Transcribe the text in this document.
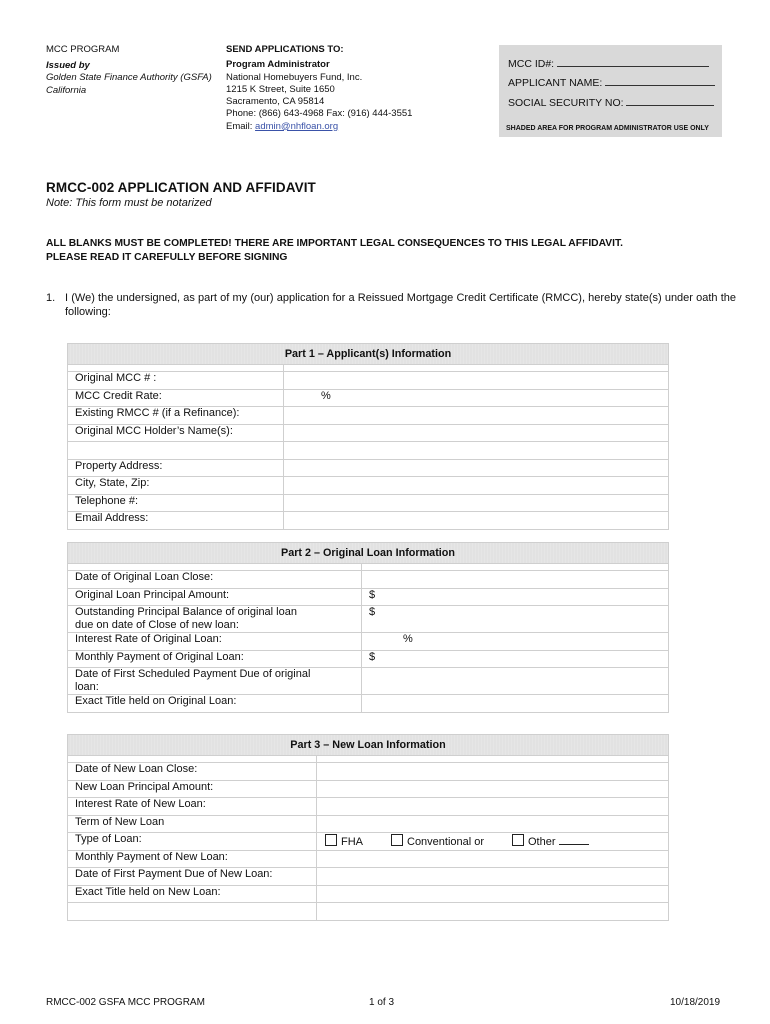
MCC PROGRAM
Issued by
Golden State Finance Authority (GSFA)
California
SEND APPLICATIONS TO:
Program Administrator
National Homebuyers Fund, Inc.
1215 K Street, Suite 1650
Sacramento, CA 95814
Phone: (866) 643-4968 Fax: (916) 444-3551
Email: admin@nhfloan.org
MCC ID#:
APPLICANT NAME:
SOCIAL SECURITY NO:
SHADED AREA FOR PROGRAM ADMINISTRATOR USE ONLY
RMCC-002 APPLICATION AND AFFIDAVIT
Note: This form must be notarized
ALL BLANKS MUST BE COMPLETED! THERE ARE IMPORTANT LEGAL CONSEQUENCES TO THIS LEGAL AFFIDAVIT.
PLEASE READ IT CAREFULLY BEFORE SIGNING
1. I (We) the undersigned, as part of my (our) application for a Reissued Mortgage Credit Certificate (RMCC), hereby state(s) under oath the following:
Part 1 – Applicant(s) Information	

Original MCC # :	
MCC Credit Rate:	%

Existing RMCC # (if a Refinance):	
Original MCC Holder’s Name(s):	

Property Address:	
City, State, Zip:	
Telephone #:	
Email Address:	
Part 2 – Original Loan Information	

Date of Original Loan Close:	
Original Loan Principal Amount:	$

Outstanding Principal Balance of original loan
due on date of Close of new loan:	$
Interest Rate of Original Loan:	%

Monthly Payment of Original Loan:	$

Date of First Scheduled Payment Due of original
loan:	

Exact Title held on Original Loan:	
Part 3 – New Loan Information	

Date of New Loan Close:	
New Loan Principal Amount:	
Interest Rate of New Loan:	
Term of New Loan	
Type of Loan:	FHA Conventional or Other

Monthly Payment of New Loan:	
Date of First Payment Due of New Loan:	
Exact Title held on New Loan:	

RMCC-002 GSFA MCC PROGRAM	1 of 3	10/18/2019
